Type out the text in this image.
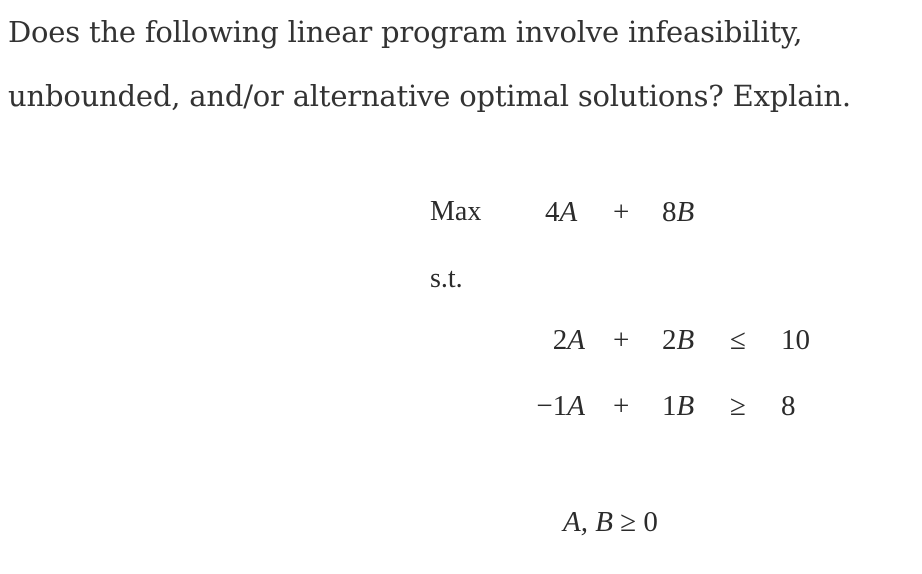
Does the following linear program involve infeasibility,
unbounded, and/or alternative optimal solutions? Explain.
Max 4A + 8B
s.t.
2A + 2B ≤ 10
−1A + 1B ≥ 8
A, B ≥ 0
